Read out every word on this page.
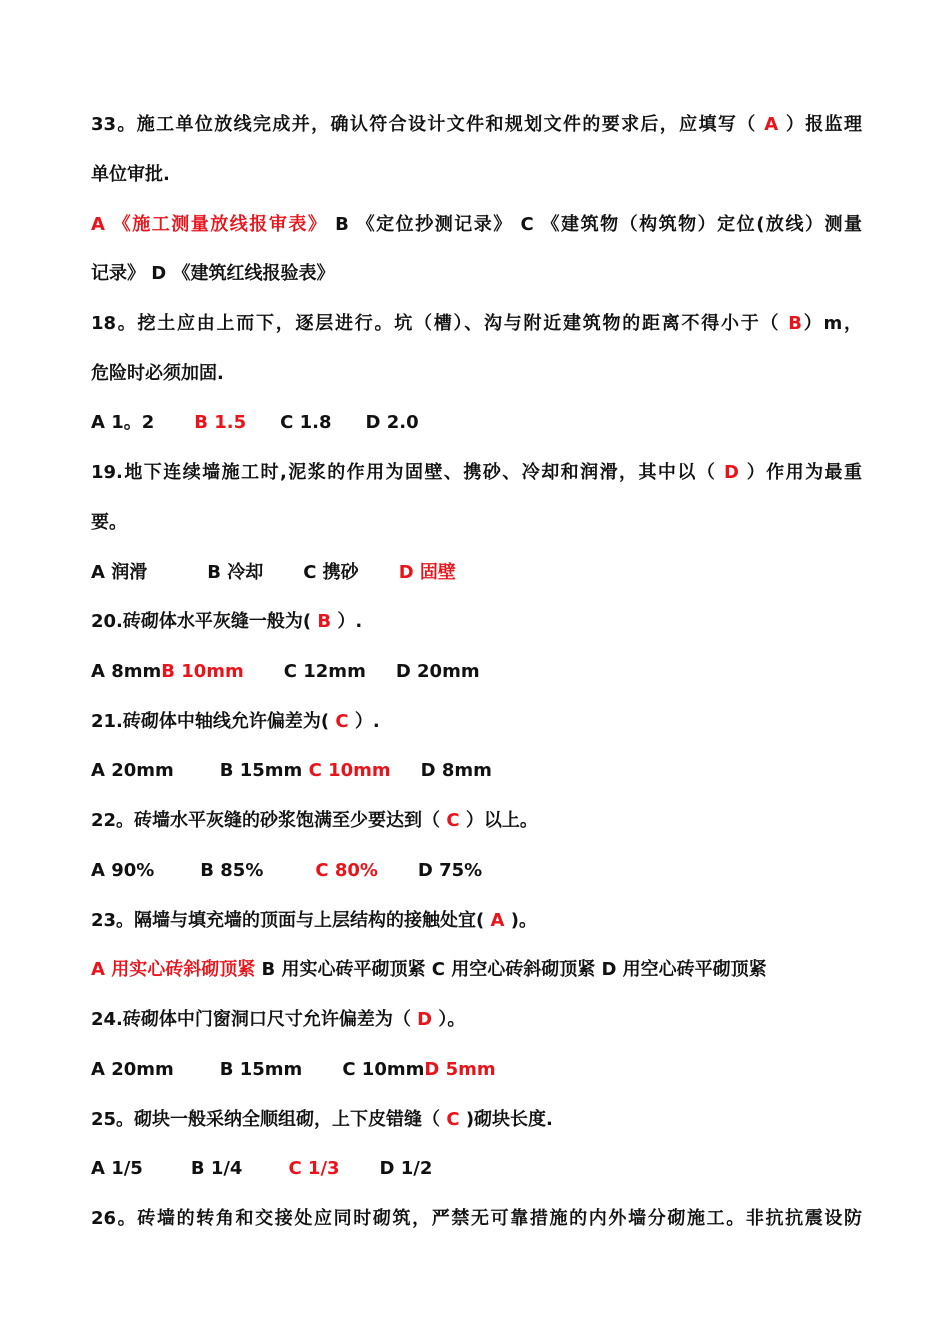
33。施工单位放线完成并，确认符合设计文件和规划文件的要求后，应填写（ A ）报监理
单位审批.
A 《施工测量放线报审表》 B 《定位抄测记录》 C 《建筑物（构筑物）定位(放线）测量
记录》 D 《建筑红线报验表》
18。挖土应由上而下，逐层进行。坑（槽）、沟与附近建筑物的距离不得小于（ B）m，
危险时必须加固.
A 1。2 B 1.5 C 1.8 D 2.0
19.地下连续墙施工时,泥浆的作用为固壁、携砂、冷却和润滑，其中以（ D ）作用为最重
要。
A 润滑	B 冷却 C 携砂 D 固壁
20.砖砌体水平灰缝一般为( B ）.
A 8mmB 10mm C 12mm D 20mm
21.砖砌体中轴线允许偏差为( C ）.
A 20mm	B 15mm C 10mm D 8mm
22。砖墙水平灰缝的砂浆饱满至少要达到（ C ）以上。
A 90%	B 85%	C 80% D 75%
23。隔墙与填充墙的顶面与上层结构的接触处宜( A )。
A 用实心砖斜砌顶紧 B 用实心砖平砌顶紧 C 用空心砖斜砌顶紧 D 用空心砖平砌顶紧
24.砖砌体中门窗洞口尺寸允许偏差为（ D ）。
A 20mm	B 15mm C 10mmD 5mm
25。砌块一般采纳全顺组砌，上下皮错缝（ C )砌块长度.
A 1/5	B 1/4	C 1/3 D 1/2
26。砖墙的转角和交接处应同时砌筑，严禁无可靠措施的内外墙分砌施工。非抗抗震设防
